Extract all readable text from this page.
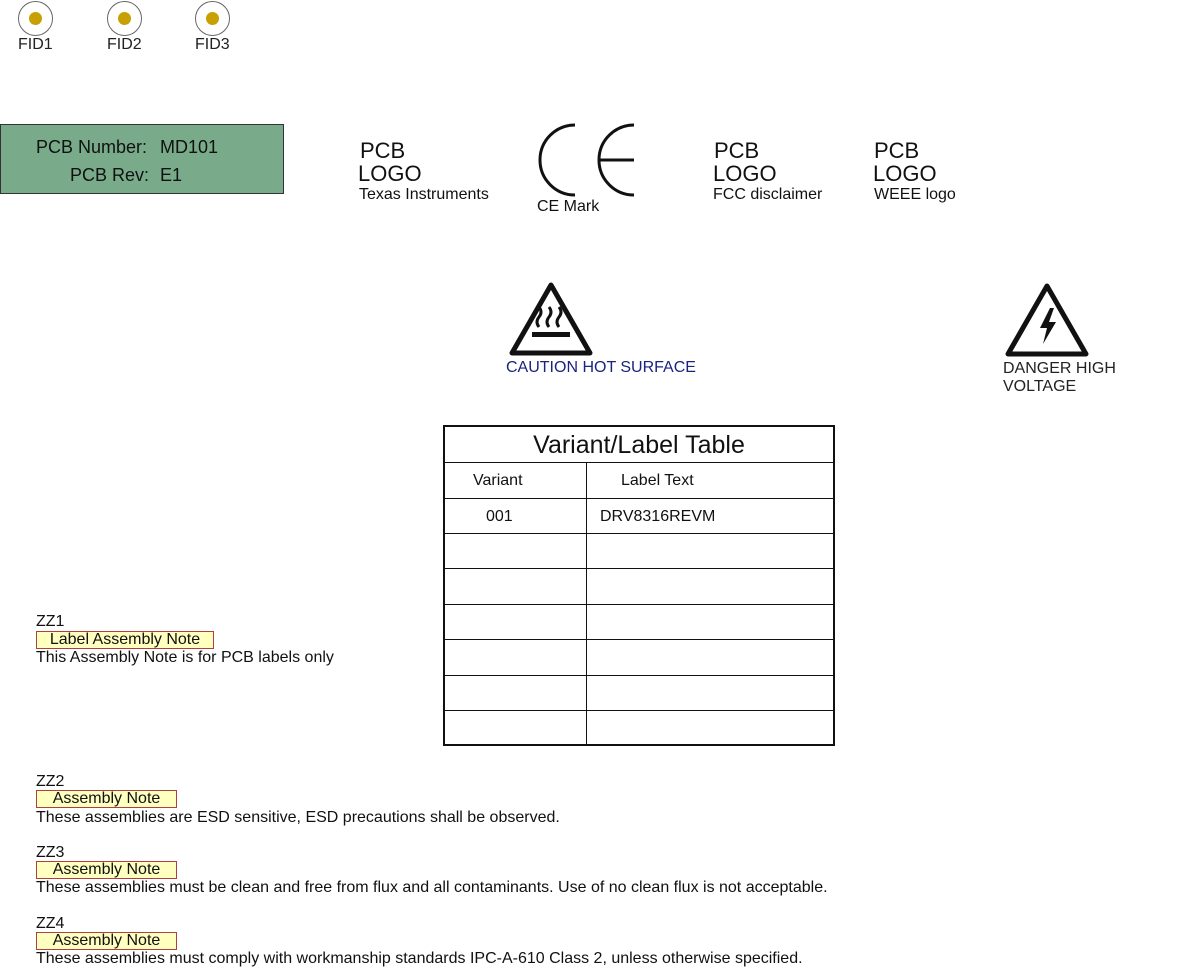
FID1	FID2	FID3
PCB Number: MD101
PCB Rev: E1
PCB
LOGO
Texas Instruments
CE Mark
PCB
LOGO
FCC disclaimer
PCB
LOGO
WEEE logo
CAUTION HOT SURFACE	DANGER HIGH VOLTAGE
Variant/Label Table
Variant	Label Text
001	DRV8316REVM
ZZ1
Label Assembly Note
This Assembly Note is for PCB labels only
ZZ2
Assembly Note
These assemblies are ESD sensitive, ESD precautions shall be observed.
ZZ3
Assembly Note
These assemblies must be clean and free from flux and all contaminants. Use of no clean flux is not acceptable.
ZZ4
Assembly Note
These assemblies must comply with workmanship standards IPC-A-610 Class 2, unless otherwise specified.
